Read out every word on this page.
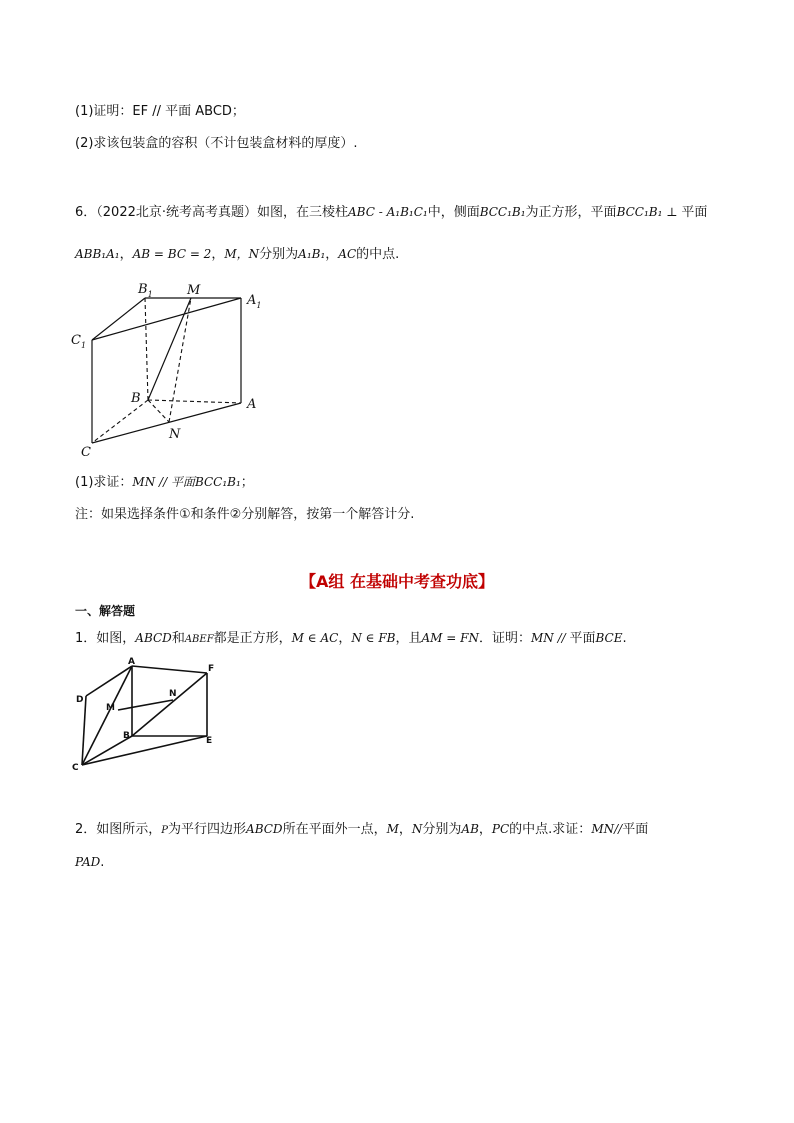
(1)证明：EF // 平面 ABCD；
(2)求该包装盒的容积（不计包装盒材料的厚度）.
6．（2022北京·统考高考真题）如图，在三棱柱ABC - A₁B₁C₁中，侧面BCC₁B₁为正方形，平面BCC₁B₁ ⊥ 平面
ABB₁A₁，AB = BC = 2，M，N分别为A₁B₁，AC的中点.
$B_1$	M
$A_1$
$C_1$
B	A
N
C
(1)求证：MN // 平面BCC₁B₁；
注：如果选择条件①和条件②分别解答，按第一个解答计分.
【A组 在基础中考查功底】
一、解答题
1．如图，ABCD和ABEF都是正方形，M ∈ AC，N ∈ FB，且AM = FN．证明：MN // 平面BCE.
A
F
D
N
M
B	E
C
2．如图所示，P为平行四边形ABCD所在平面外一点，M，N分别为AB，PC的中点.求证：MN//平面
PAD.
